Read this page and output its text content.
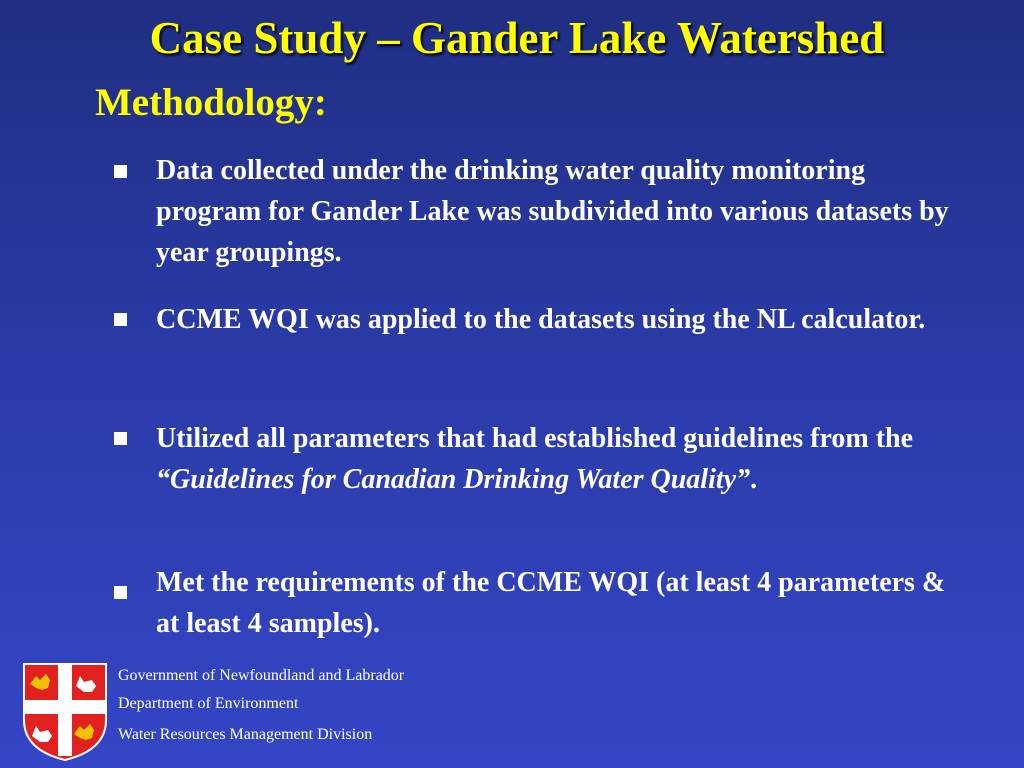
Case Study – Gander Lake Watershed
Methodology:
Data collected under the drinking water quality monitoring program for Gander Lake was subdivided into various datasets by year groupings.
CCME WQI was applied to the datasets using the NL calculator.
Utilized all parameters that had established guidelines from the “Guidelines for Canadian Drinking Water Quality”.
Met the requirements of the CCME WQI (at least 4 parameters & at least 4 samples).
Government of Newfoundland and Labrador
Department of Environment
Water Resources Management Division
